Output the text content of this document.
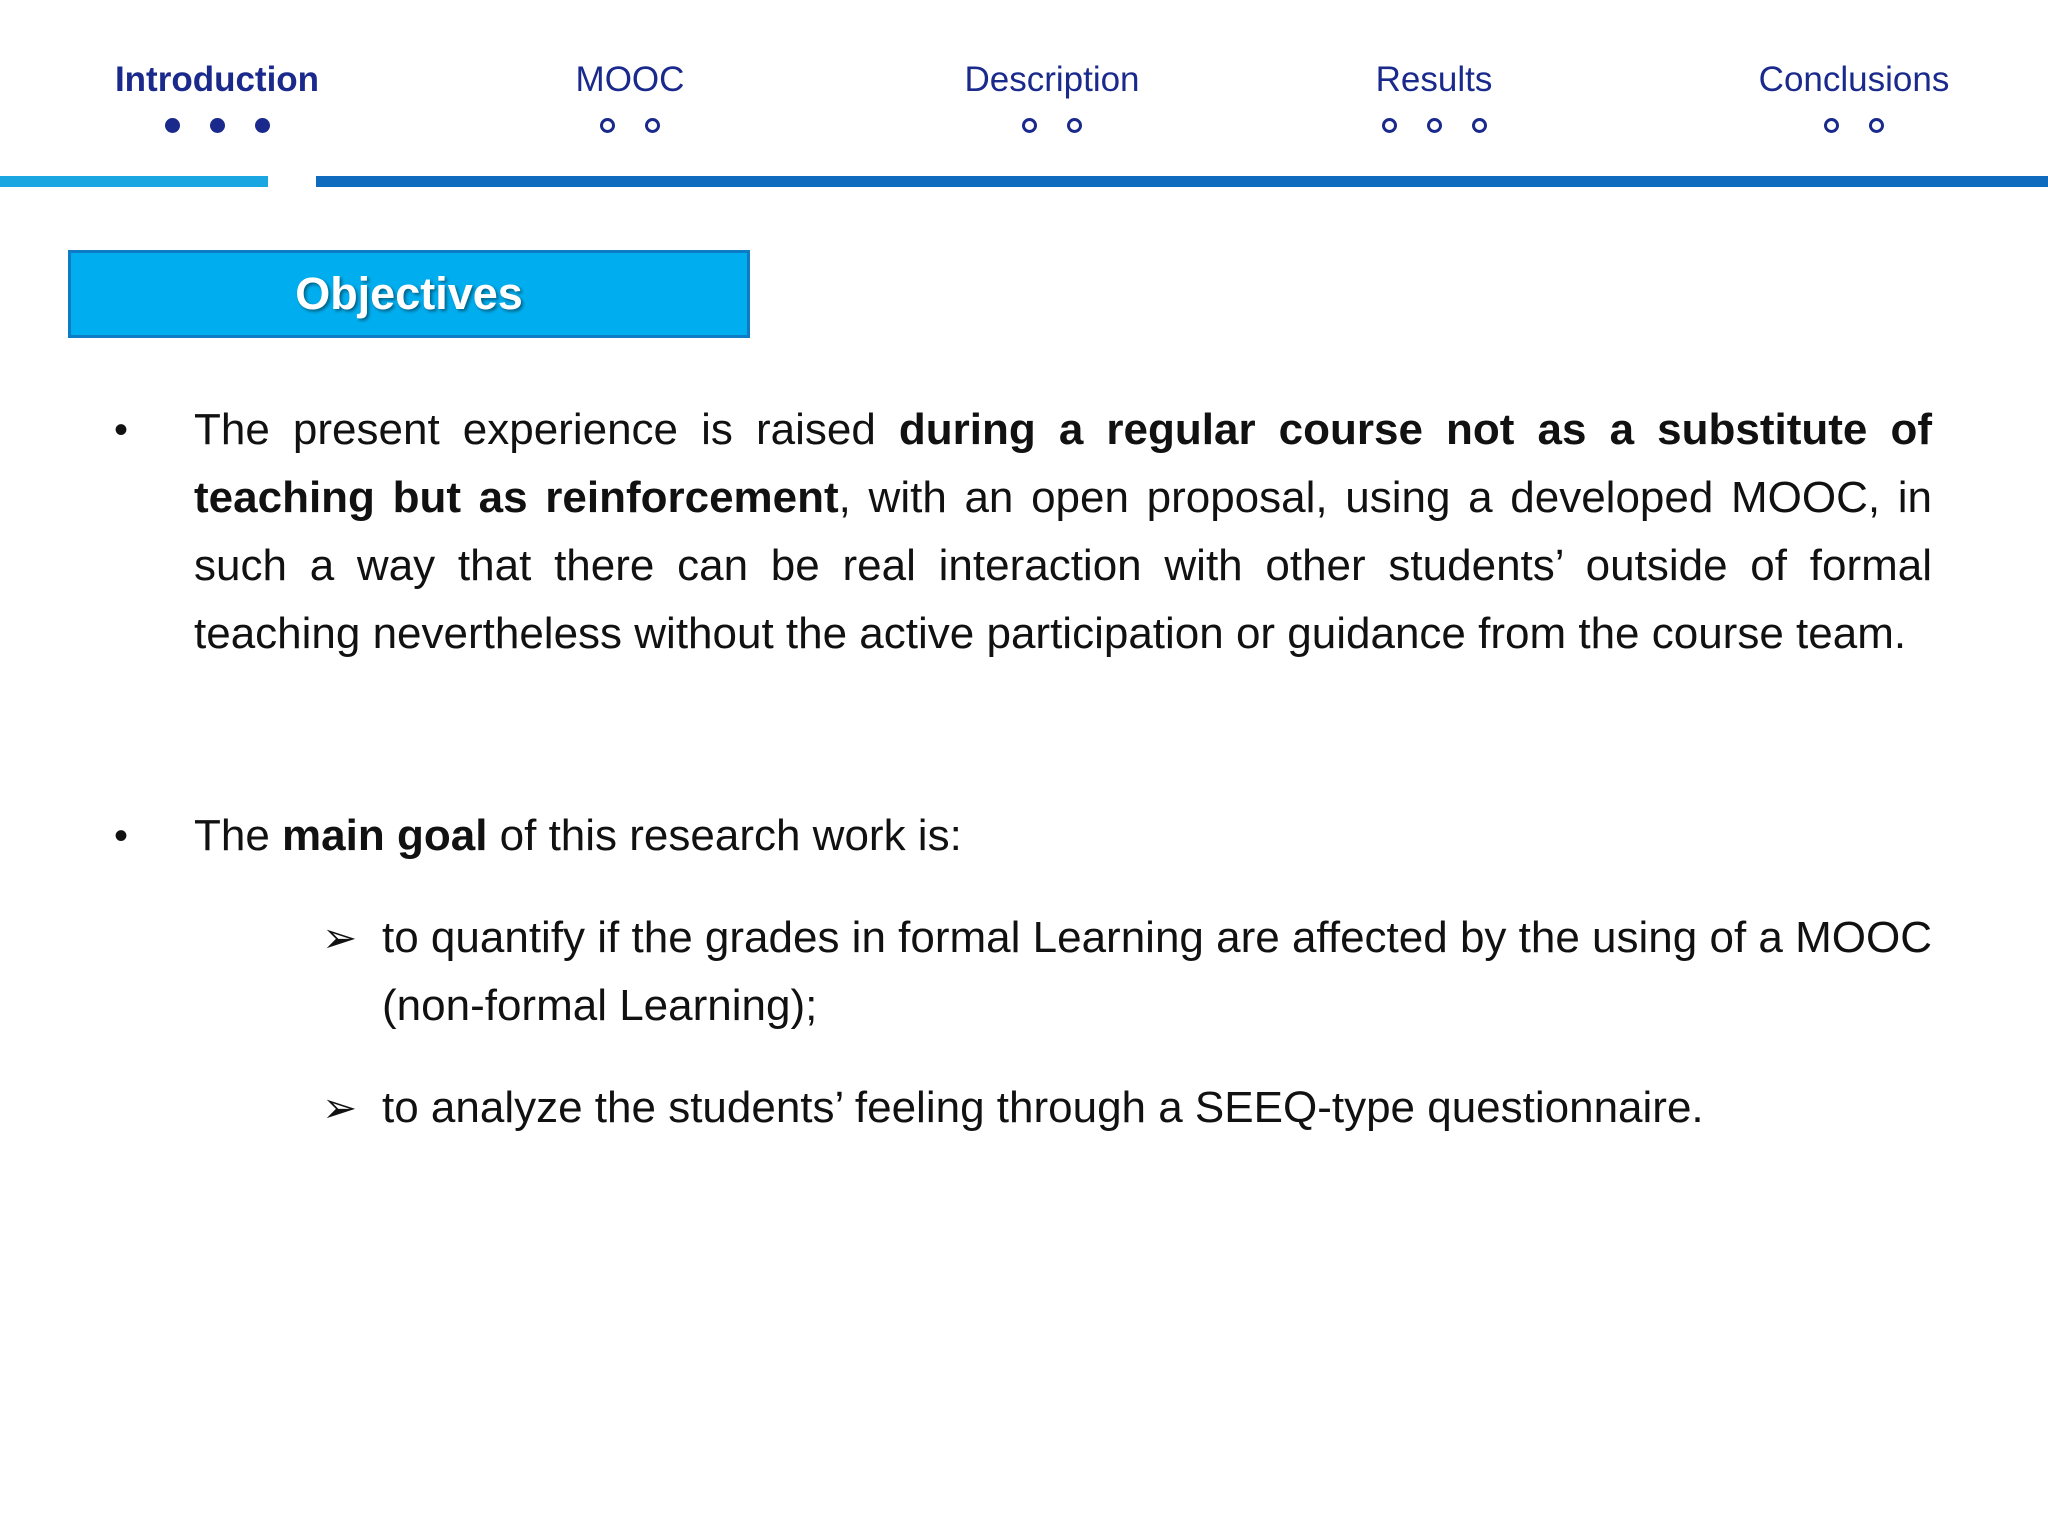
Introduction	MOOC	Description	Results	Conclusions
Objectives
• The present experience is raised during a regular course not as a substitute of teaching but as reinforcement, with an open proposal, using a developed MOOC, in such a way that there can be real interaction with other students’ outside of formal teaching nevertheless without the active participation or guidance from the course team.
• The main goal of this research work is:
➢ to quantify if the grades in formal Learning are affected by the using of a MOOC (non-formal Learning);
➢ to analyze the students’ feeling through a SEEQ-type questionnaire.
